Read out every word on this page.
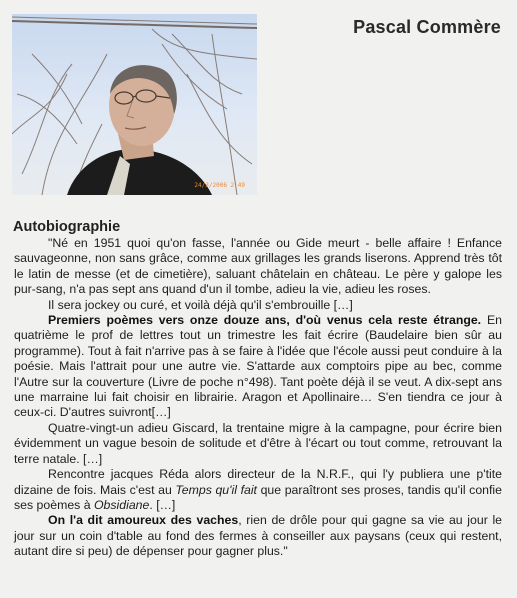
24/3/2006 2:49
Pascal Commère
Autobiographie

"Né en 1951 quoi qu'on fasse, l'année ou Gide meurt - belle affaire ! Enfance sauvageonne, non sans grâce, comme aux grillages les grands liserons. Apprend très tôt le latin de messe (et de cimetière), saluant châtelain en château. Le père y galope les pur-sang, n'a pas sept ans quand d'un il tombe, adieu la vie, adieu les roses.

Il sera jockey ou curé, et voilà déjà qu'il s'embrouille […]

Premiers poèmes vers onze douze ans, d'où venus cela reste étrange. En quatrième le prof de lettres tout un trimestre les fait écrire (Baudelaire bien sûr au programme). Tout à fait n'arrive pas à se faire à l'idée que l'école aussi peut conduire à la poésie. Mais l'attrait pour une autre vie. S'attarde aux comptoirs pipe au bec, comme l'Autre sur la couverture (Livre de poche n°498). Tant poète déjà il se veut. A dix-sept ans une marraine lui fait choisir en librairie. Aragon et Apollinaire… S'en tiendra ce jour à ceux-ci. D'autres suivront[…]

Quatre-vingt-un adieu Giscard, la trentaine migre à la campagne, pour écrire bien évidemment un vague besoin de solitude et d'être à l'écart ou tout comme, retrouvant la terre natale. […]

Rencontre jacques Réda alors directeur de la N.R.F., qui l'y publiera une p'tite dizaine de fois. Mais c'est au Temps qu'il fait que paraîtront ses proses, tandis qu'il confie ses poèmes à Obsidiane. […]

On l'a dit amoureux des vaches, rien de drôle pour qui gagne sa vie au jour le jour sur un coin d'table au fond des fermes à conseiller aux paysans (ceux qui restent, autant dire si peu) de dépenser pour gagner plus."
